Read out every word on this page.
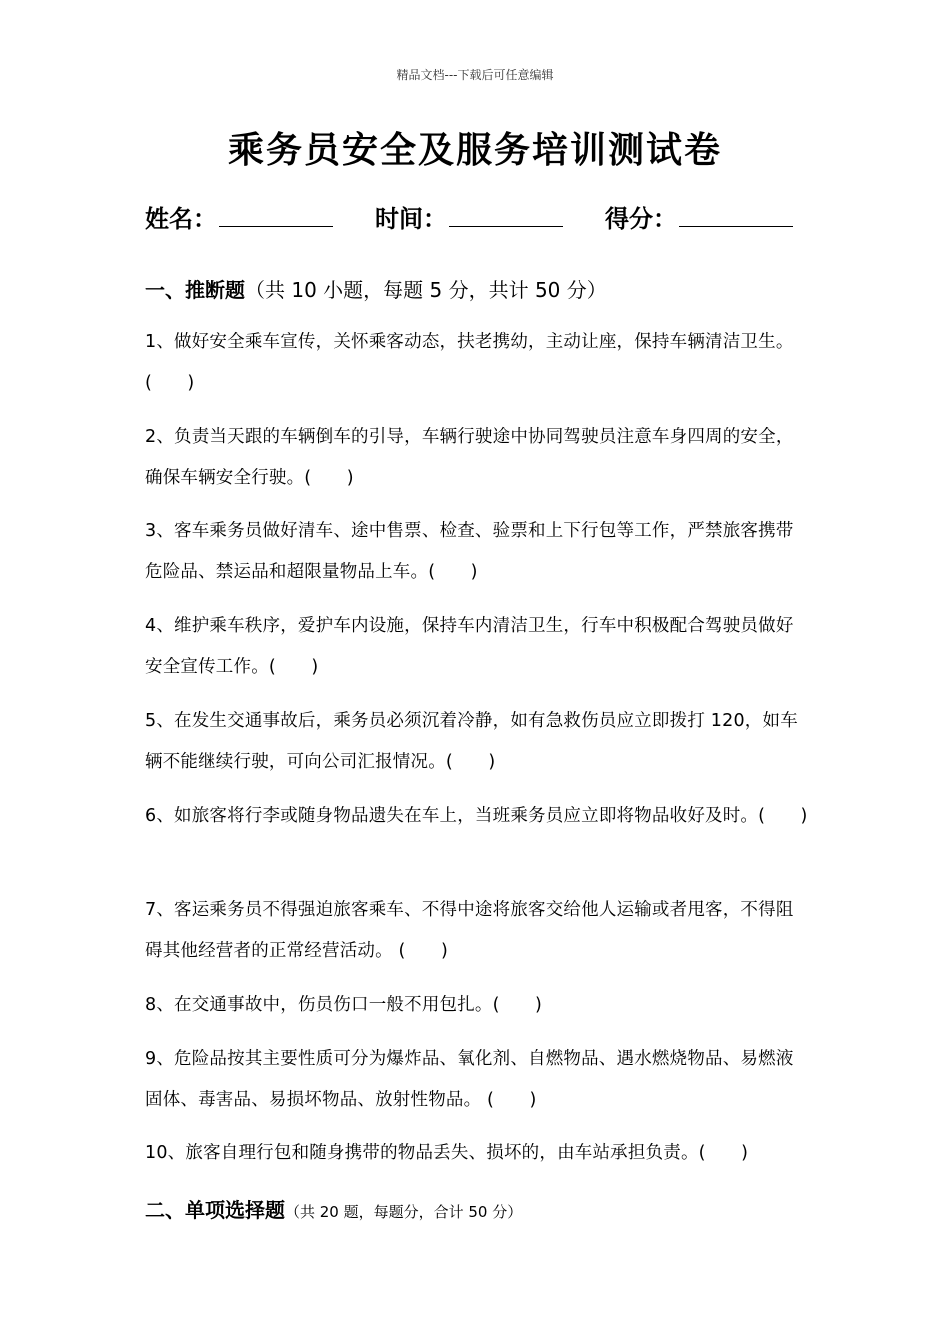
精品文档---下载后可任意编辑
乘务员安全及服务培训测试卷
姓名：	时间：	得分：
一、推断题（共 10 小题，每题 5 分，共计 50 分）
1、做好安全乘车宣传，关怀乘客动态，扶老携幼，主动让座，保持车辆清洁卫生。(　　)
2、负责当天跟的车辆倒车的引导，车辆行驶途中协同驾驶员注意车身四周的安全，确保车辆安全行驶。(　　)
3、客车乘务员做好清车、途中售票、检查、验票和上下行包等工作，严禁旅客携带危险品、禁运品和超限量物品上车。(　　)
4、维护乘车秩序，爱护车内设施，保持车内清洁卫生，行车中积极配合驾驶员做好安全宣传工作。(　　)
5、在发生交通事故后，乘务员必须沉着冷静，如有急救伤员应立即拨打 120，如车辆不能继续行驶，可向公司汇报情况。(　　)
6、如旅客将行李或随身物品遗失在车上，当班乘务员应立即将物品收好及时。(　　)
7、客运乘务员不得强迫旅客乘车、不得中途将旅客交给他人运输或者甩客，不得阻碍其他经营者的正常经营活动。 (　　)
8、在交通事故中，伤员伤口一般不用包扎。(　　)
9、危险品按其主要性质可分为爆炸品、氧化剂、自燃物品、遇水燃烧物品、易燃液固体、毒害品、易损坏物品、放射性物品。 (　　)
10、旅客自理行包和随身携带的物品丢失、损坏的，由车站承担负责。(　　)
二、单项选择题（共 20 题，每题分，合计 50 分）
